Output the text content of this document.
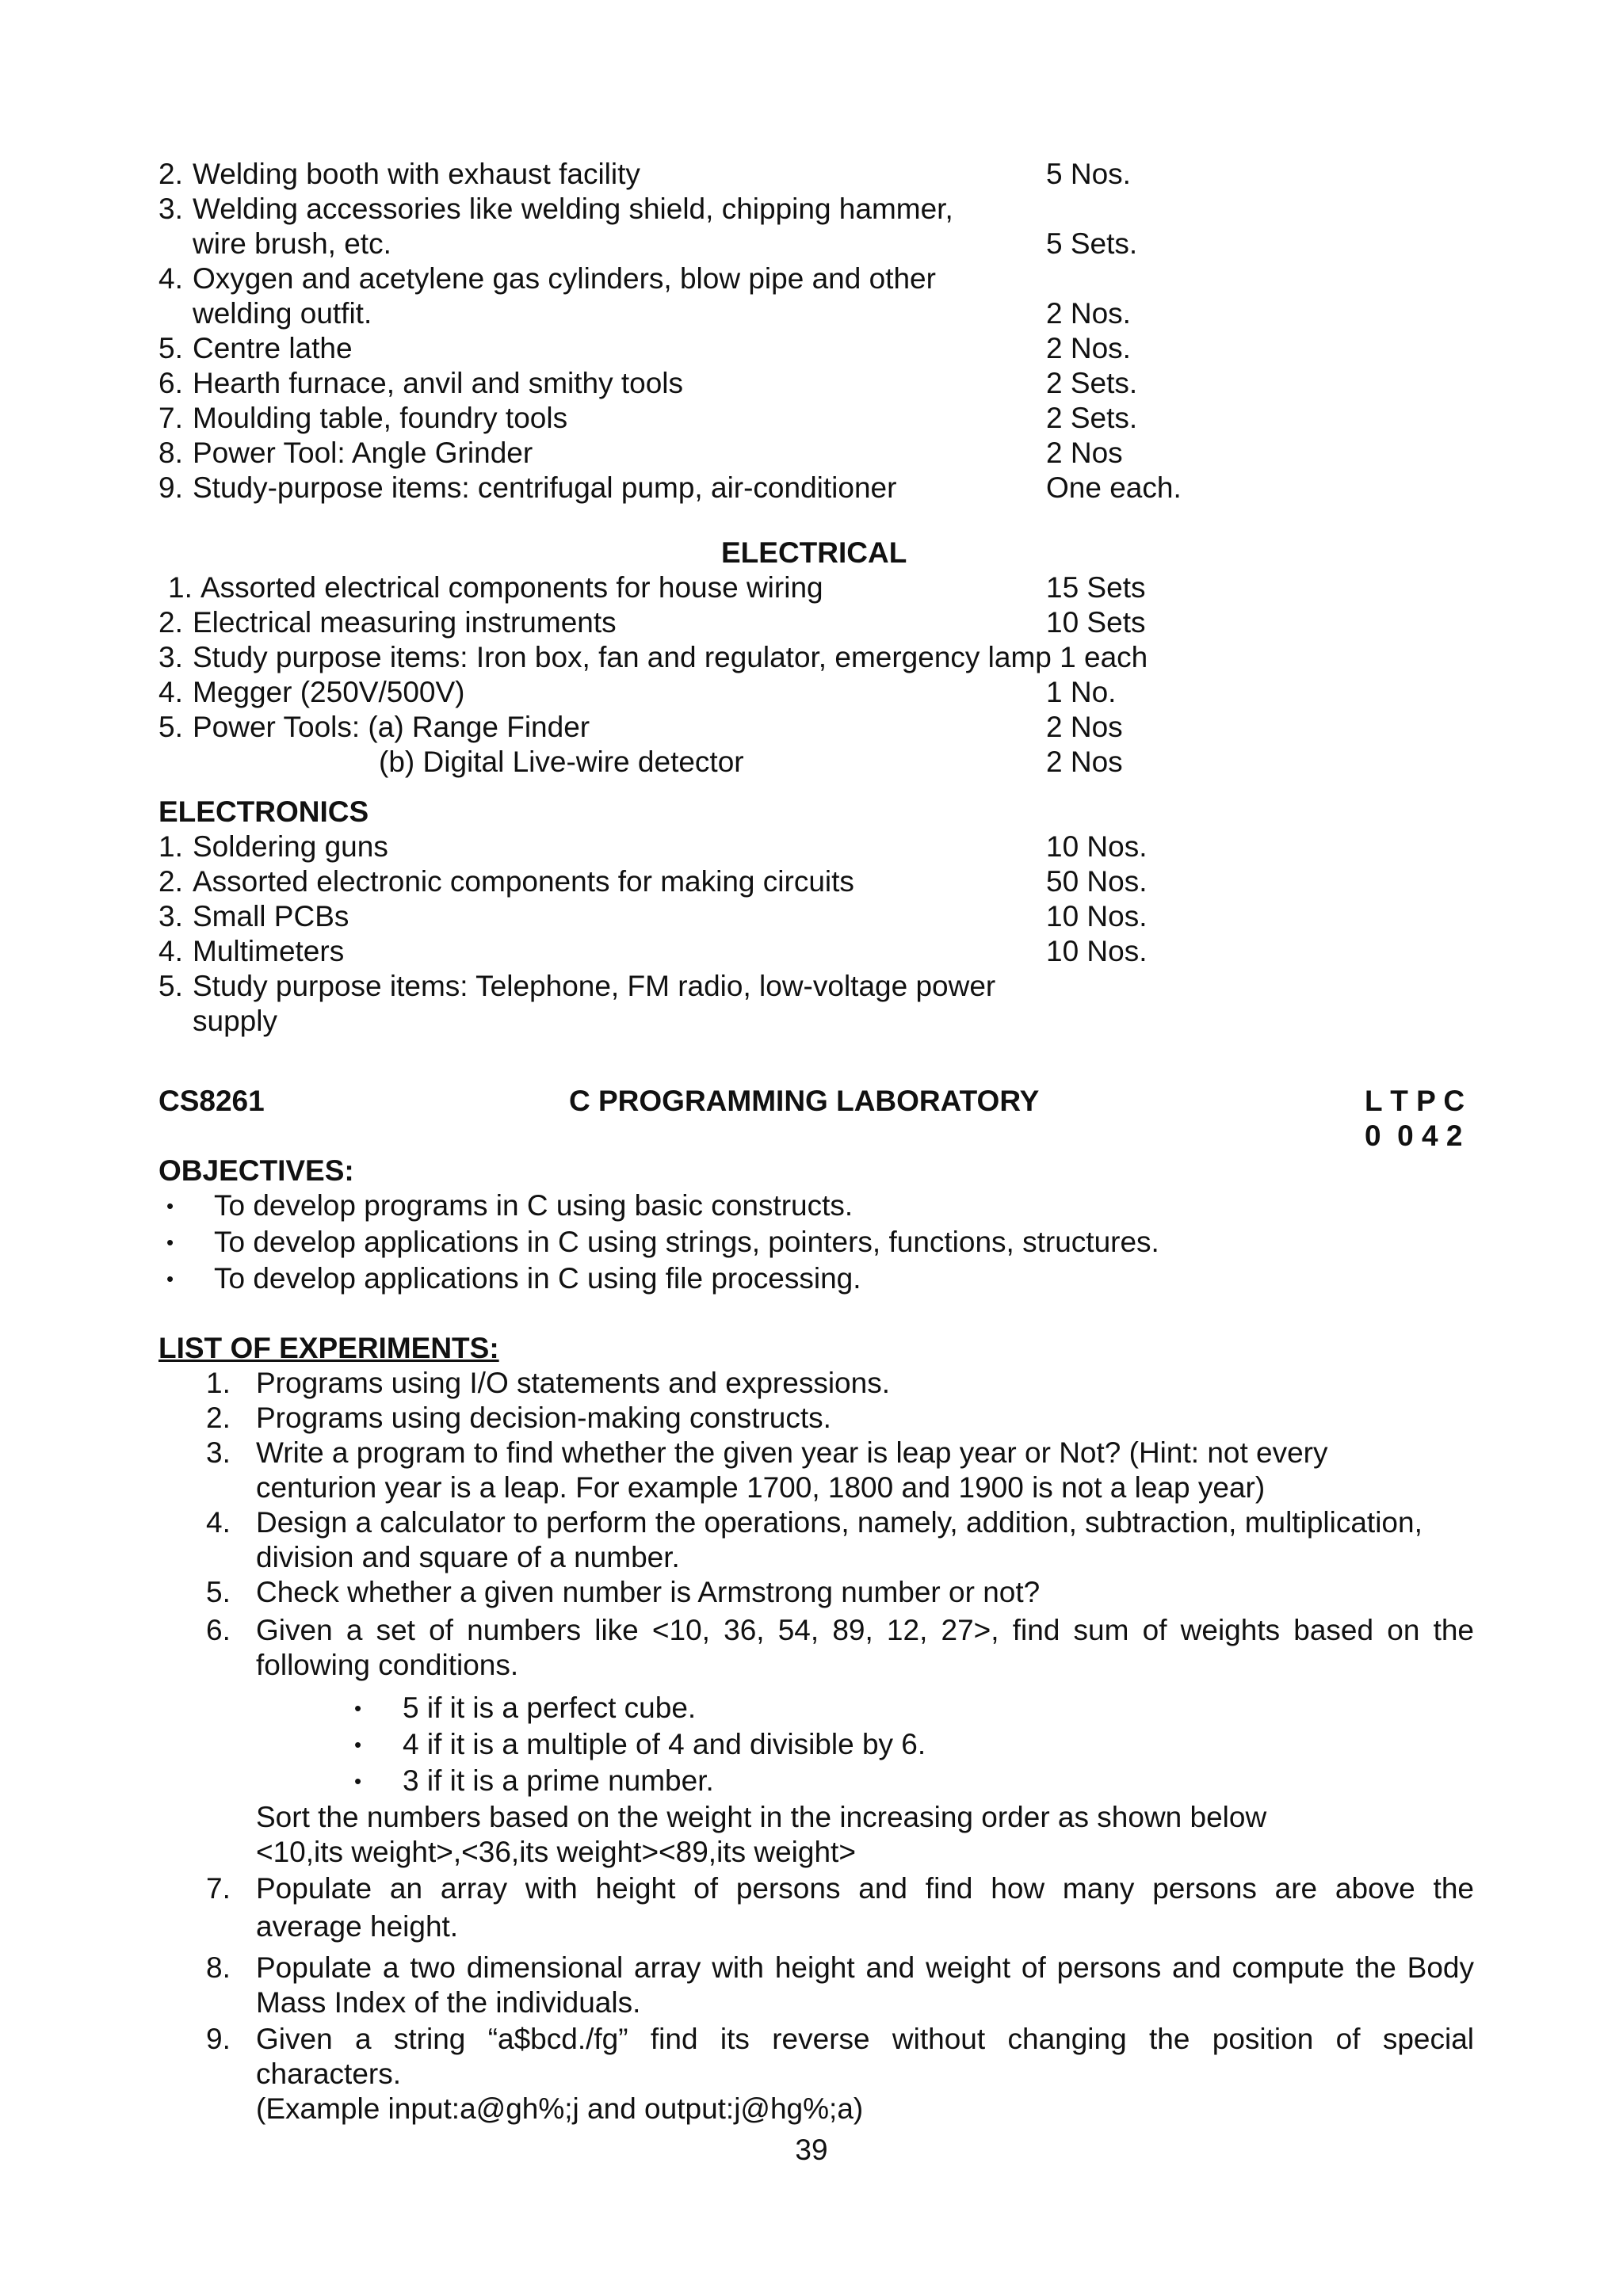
2. Welding booth with exhaust facility	5 Nos.
3. Welding accessories like welding shield, chipping hammer,
wire brush, etc.	5 Sets.
4. Oxygen and acetylene gas cylinders, blow pipe and other
welding outfit.	2 Nos.
5. Centre lathe	2 Nos.
6. Hearth furnace, anvil and smithy tools	2 Sets.
7. Moulding table, foundry tools	2 Sets.
8. Power Tool: Angle Grinder	2 Nos
9. Study-purpose items: centrifugal pump, air-conditioner	One each.
ELECTRICAL
1. Assorted electrical components for house wiring	15 Sets
2. Electrical measuring instruments	10 Sets
3. Study purpose items: Iron box, fan and regulator, emergency lamp 1 each
4. Megger (250V/500V)	1 No.
5. Power Tools: (a) Range Finder	2 Nos
(b) Digital Live-wire detector	2 Nos
ELECTRONICS
1. Soldering guns	10 Nos.
2. Assorted electronic components for making circuits	50 Nos.
3. Small PCBs	10 Nos.
4. Multimeters	10 Nos.
5. Study purpose items: Telephone, FM radio, low-voltage power
supply
CS8261	C PROGRAMMING LABORATORY	L T P C
0  0 4 2
OBJECTIVES:
• To develop programs in C using basic constructs.
• To develop applications in C using strings, pointers, functions, structures.
• To develop applications in C using file processing.
LIST OF EXPERIMENTS:
1. Programs using I/O statements and expressions.
2. Programs using decision-making constructs.
3. Write a program to find whether the given year is leap year or Not? (Hint: not every
centurion year is a leap. For example 1700, 1800 and 1900 is not a leap year)
4. Design a calculator to perform the operations, namely, addition, subtraction, multiplication,
division and square of a number.
5. Check whether a given number is Armstrong number or not?
6. Given a set of numbers like <10, 36, 54, 89, 12, 27>, find sum of weights based on the
following conditions.
• 5 if it is a perfect cube.
• 4 if it is a multiple of 4 and divisible by 6.
• 3 if it is a prime number.
Sort the numbers based on the weight in the increasing order as shown below
<10,its weight>,<36,its weight><89,its weight>
7. Populate an array with height of persons and find how many persons are above the
average height.
8. Populate a two dimensional array with height and weight of persons and compute the Body
Mass Index of the individuals.
9. Given a string “a$bcd./fg” find its reverse without changing the position of special
characters.
(Example input:a@gh%;j and output:j@hg%;a)
39
